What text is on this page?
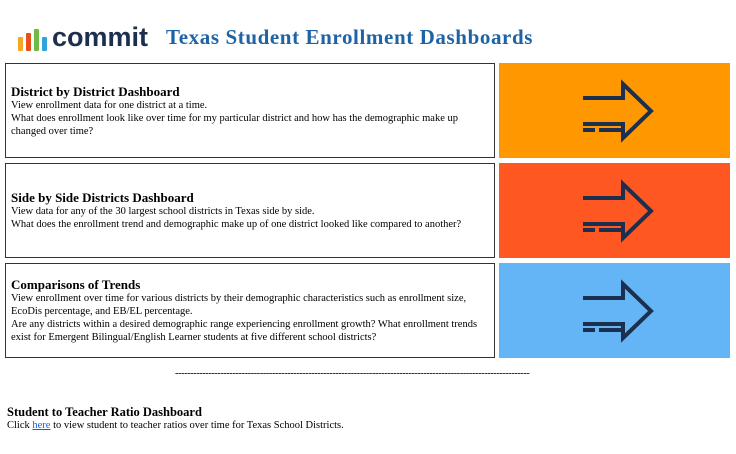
commit Texas Student Enrollment Dashboards
District by District Dashboard

View enrollment data for one district at a time.

What does enrollment look like over time for my particular district and how has the demographic make up changed over time?

Side by Side Districts Dashboard

View data for any of the 30 largest school districts in Texas side by side.

What does the enrollment trend and demographic make up of one district looked like compared to another?

Comparisons of Trends

View enrollment over time for various districts by their demographic characteristics such as enrollment size, EcoDis percentage, and EB/EL percentage.

Are any districts within a desired demographic range experiencing enrollment growth? What enrollment trends exist for Emergent Bilingual/English Learner students at five different school districts?

---------------------------------------------------------------------------------------------------------------------
Student to Teacher Ratio Dashboard
Click here to view student to teacher ratios over time for Texas School Districts.
